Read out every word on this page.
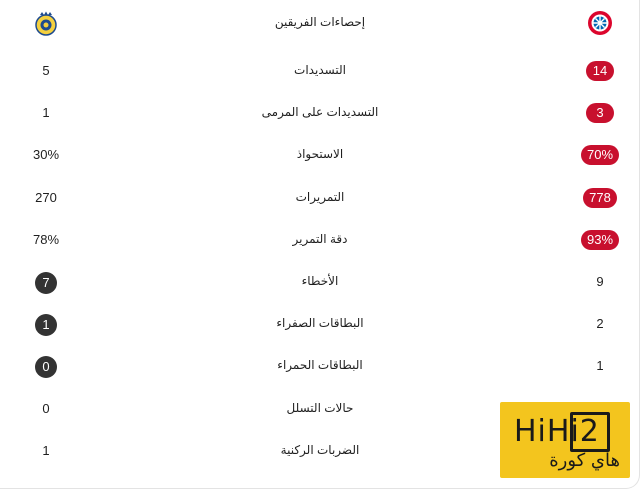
إحصاءات الفريقين
5	التسديدات	14
1	التسديدات على المرمى	3
30%	الاستحواذ	70%
270	التمريرات	778
78%	دقة التمرير	93%
7	الأخطاء	9
1	البطاقات الصفراء	2
0	البطاقات الحمراء	1
0	حالات التسلل
1	الضربات الركنية
HiHi2
هاي كورة
